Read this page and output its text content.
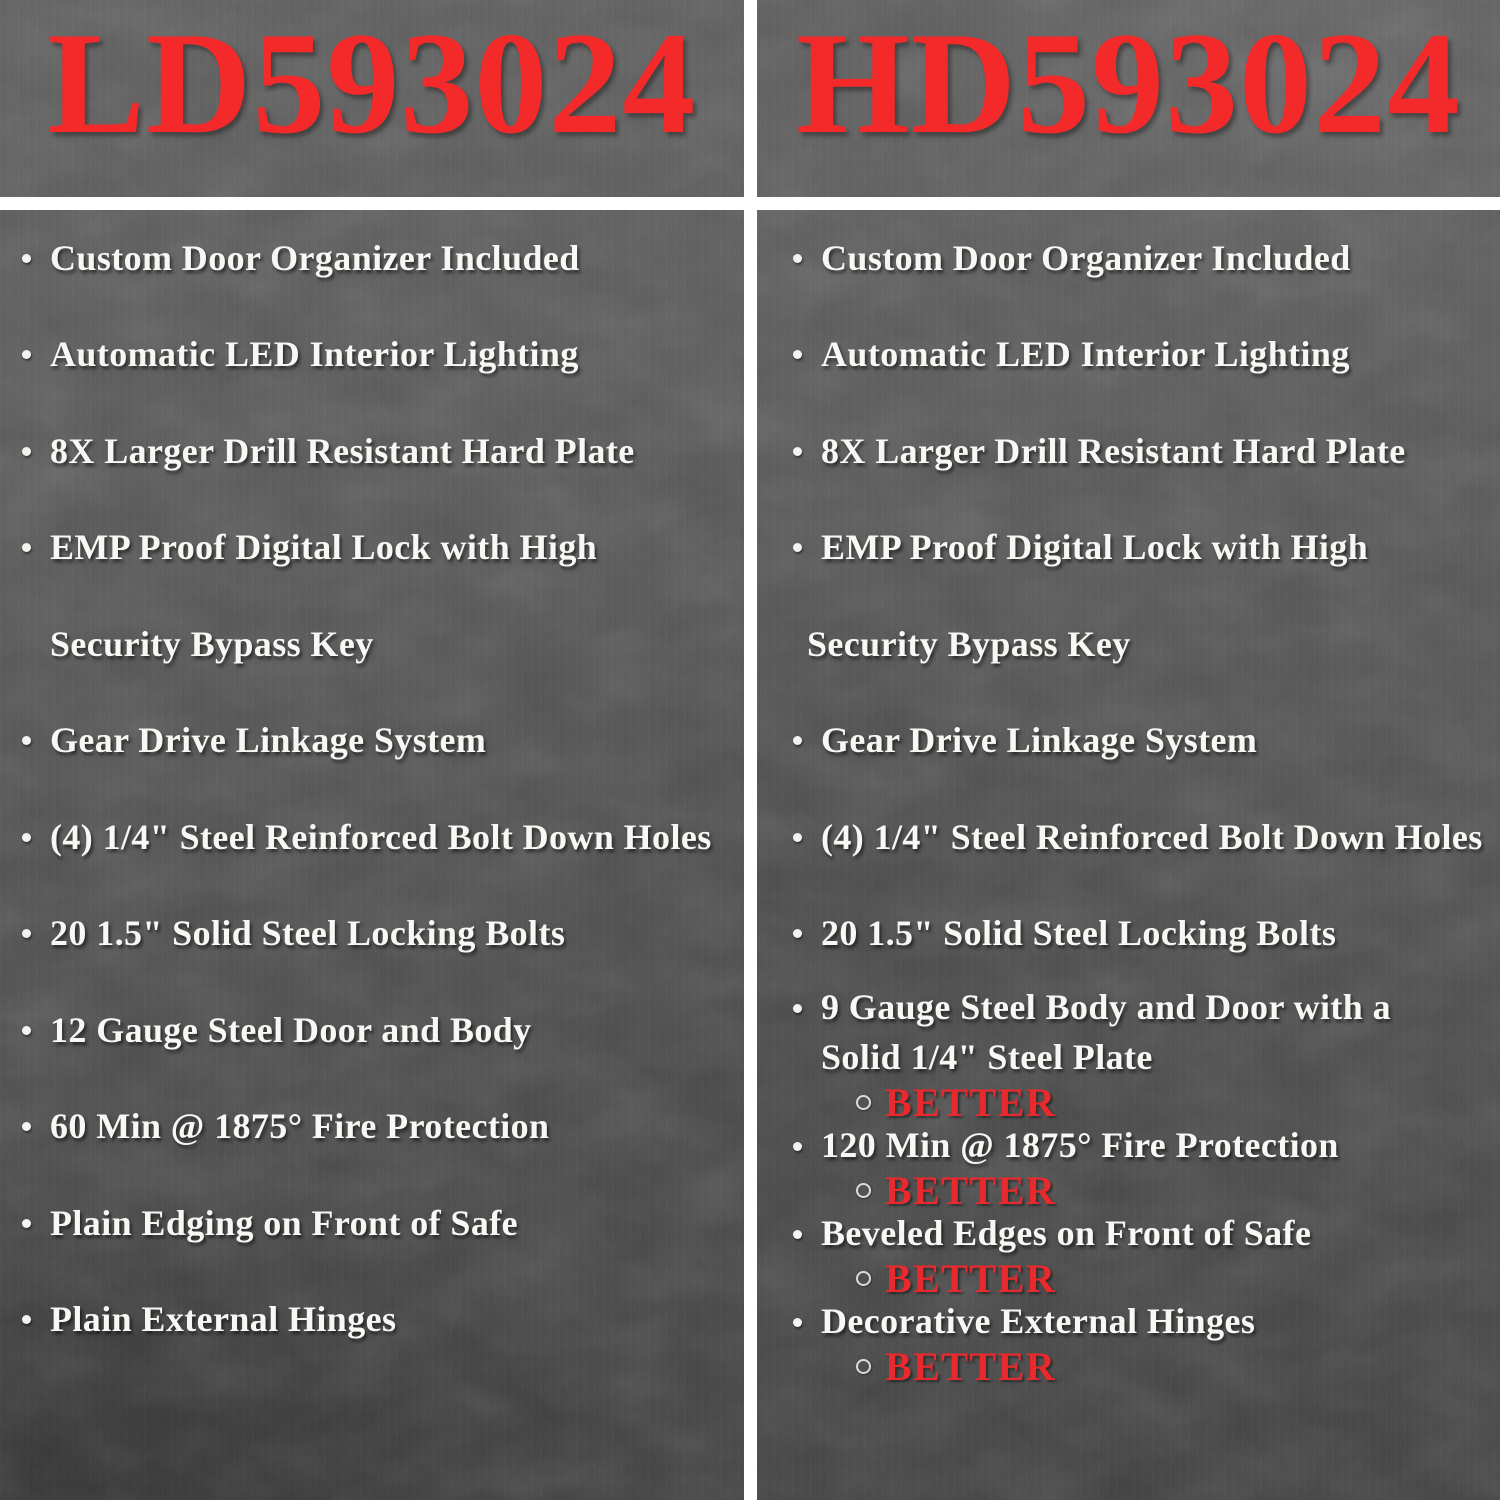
LD593024 HD593024
Custom Door Organizer Included
Automatic LED Interior Lighting
8X Larger Drill Resistant Hard Plate
EMP Proof Digital Lock with High
Security Bypass Key
Gear Drive Linkage System
(4) 1/4" Steel Reinforced Bolt Down Holes
20 1.5" Solid Steel Locking Bolts
12 Gauge Steel Door and Body
60 Min @ 1875° Fire Protection
Plain Edging on Front of Safe
Plain External Hinges
Custom Door Organizer Included
Automatic LED Interior Lighting
8X Larger Drill Resistant Hard Plate
EMP Proof Digital Lock with High
Security Bypass Key
Gear Drive Linkage System
(4) 1/4" Steel Reinforced Bolt Down Holes
20 1.5" Solid Steel Locking Bolts
9 Gauge Steel Body and Door with a
Solid 1/4" Steel Plate
BETTER
120 Min @ 1875° Fire Protection
BETTER
Beveled Edges on Front of Safe
BETTER
Decorative External Hinges
BETTER
